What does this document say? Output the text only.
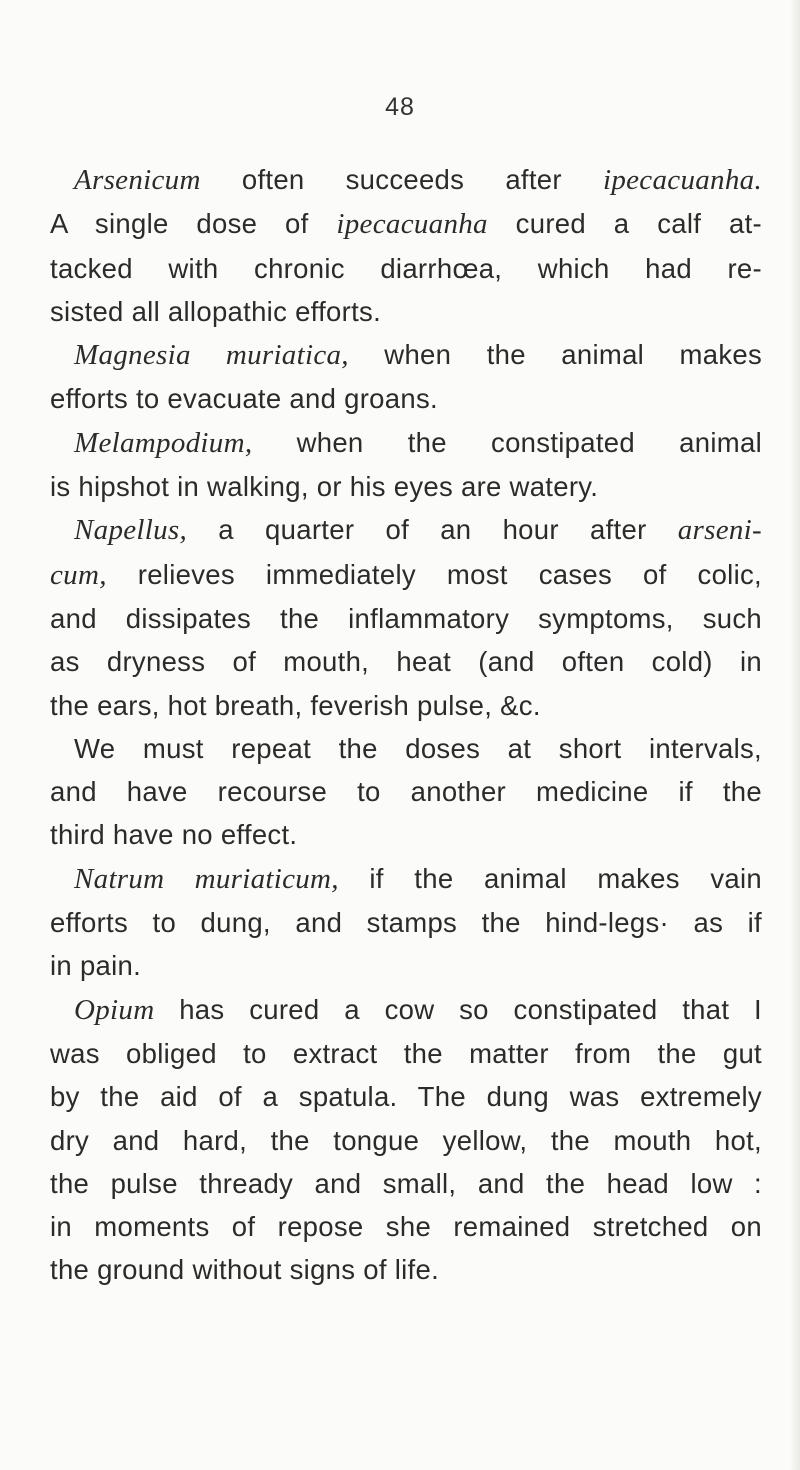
48
Arsenicum often succeeds after ipecacuanha.
A single dose of ipecacuanha cured a calf at-
tacked with chronic diarrhœa, which had re-
sisted all allopathic efforts.
Magnesia muriatica, when the animal makes
efforts to evacuate and groans.
Melampodium, when the constipated animal
is hipshot in walking, or his eyes are watery.
Napellus, a quarter of an hour after arseni-
cum, relieves immediately most cases of colic,
and dissipates the inflammatory symptoms, such
as dryness of mouth, heat (and often cold) in
the ears, hot breath, feverish pulse, &c.
We must repeat the doses at short intervals,
and have recourse to another medicine if the
third have no effect.
Natrum muriaticum, if the animal makes vain
efforts to dung, and stamps the hind-legs· as if
in pain.
Opium has cured a cow so constipated that I
was obliged to extract the matter from the gut
by the aid of a spatula. The dung was extremely
dry and hard, the tongue yellow, the mouth hot,
the pulse thready and small, and the head low :
in moments of repose she remained stretched on
the ground without signs of life.
